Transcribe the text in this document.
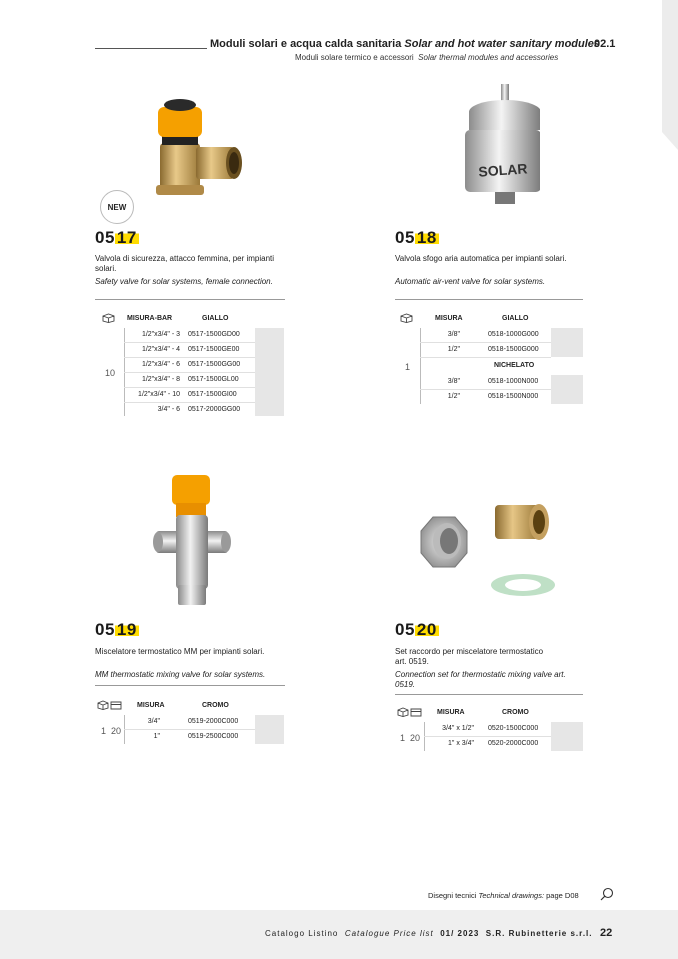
Moduli solari e acqua calda sanitaria Solar and hot water sanitary modules
02.1
Moduli solare termico e accessori Solar thermal modules and accessories
NEW
05 17
Valvola di sicurezza, attacco femmina, per impianti solari.
Safety valve for solar systems, female connection.
MISURA-BAR	GIALLO
10
1/2"x3/4" - 3 0517-1500GD00
1/2"x3/4" - 4 0517-1500GE00
1/2"x3/4" - 6 0517-1500GG00
1/2"x3/4" - 8 0517-1500GL00
1/2"x3/4" - 10 0517-1500GI00
3/4" - 6 0517-2000GG00
SOLAR
05 18
Valvola sfogo aria automatica per impianti solari.
Automatic air-vent valve for solar systems.
MISURA	GIALLO
1
3/8"	0518-1000G000
1/2"	0518-1500G000
NICHELATO
3/8"	0518-1000N000
1/2"	0518-1500N000
05 19
Miscelatore termostatico MM per impianti solari.
MM thermostatic mixing valve for solar systems.
MISURA	CROMO
1 20
3/4"	0519-2000C000
1"	0519-2500C000
05 20
Set raccordo per miscelatore termostatico art. 0519.
Connection set for thermostatic mixing valve art. 0519.
MISURA	CROMO
1 20
3/4" x 1/2" 0520-1500C000
1" x 3/4" 0520-2000C000
Disegni tecnici Technical drawings: page D08
Catalogo Listino Catalogue Price list 01/ 2023 S.R. Rubinetterie s.r.l. 22
